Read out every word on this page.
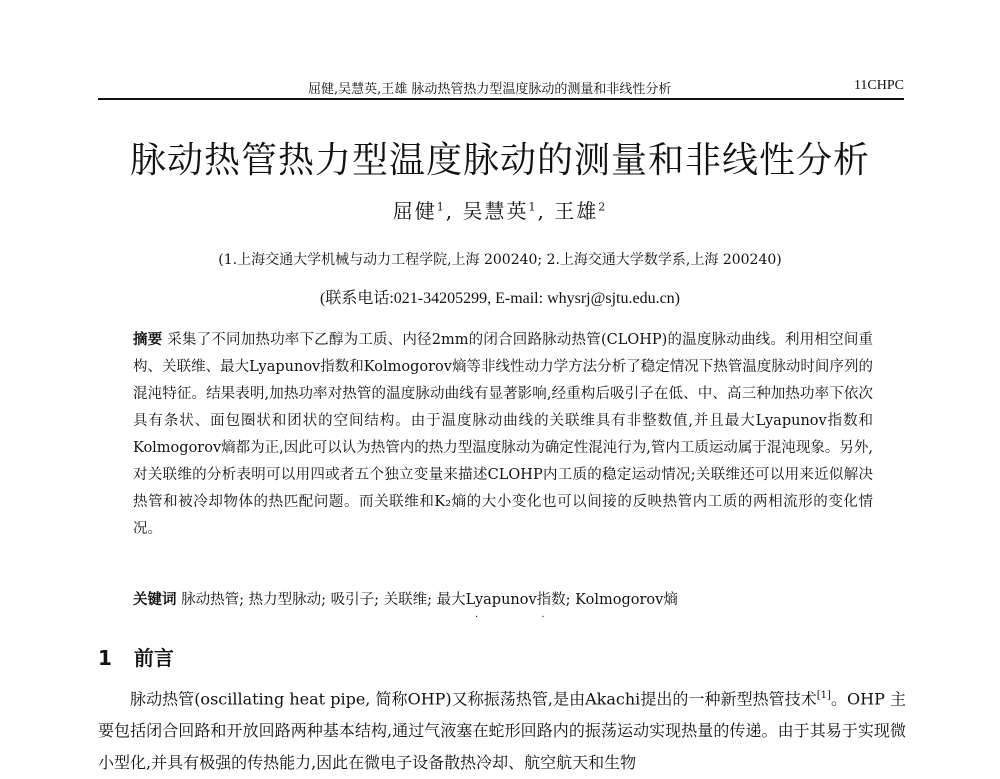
屈健,吴慧英,王雄 脉动热管热力型温度脉动的测量和非线性分析	11CHPC
脉动热管热力型温度脉动的测量和非线性分析
屈健$^1$, 吴慧英$^1$, 王雄$^2$
(1.上海交通大学机械与动力工程学院,上海 200240; 2.上海交通大学数学系,上海 200240)
(联系电话:021-34205299, E-mail: whysrj@sjtu.edu.cn)
摘要 采集了不同加热功率下乙醇为工质、内径2mm的闭合回路脉动热管(CLOHP)的温度脉动曲线。利用相空间重构、关联维、最大Lyapunov指数和Kolmogorov熵等非线性动力学方法分析了稳定情况下热管温度脉动时间序列的混沌特征。结果表明,加热功率对热管的温度脉动曲线有显著影响,经重构后吸引子在低、中、高三种加热功率下依次具有条状、面包圈状和团状的空间结构。由于温度脉动曲线的关联维具有非整数值,并且最大Lyapunov指数和Kolmogorov熵都为正,因此可以认为热管内的热力型温度脉动为确定性混沌行为,管内工质运动属于混沌现象。另外,对关联维的分析表明可以用四或者五个独立变量来描述CLOHP内工质的稳定运动情况;关联维还可以用来近似解决热管和被冷却物体的热匹配问题。而关联维和K₂熵的大小变化也可以间接的反映热管内工质的两相流形的变化情况。
关键词 脉动热管; 热力型脉动; 吸引子; 关联维; 最大Lyapunov指数; Kolmogorov熵
· ·
1 前言
脉动热管(oscillating heat pipe, 简称OHP)又称振荡热管,是由Akachi提出的一种新型热管技术[1]。OHP 主要包括闭合回路和开放回路两种基本结构,通过气液塞在蛇形回路内的振荡运动实现热量的传递。由于其易于实现微小型化,并具有极强的传热能力,因此在微电子设备散热冷却、航空航天和生物
